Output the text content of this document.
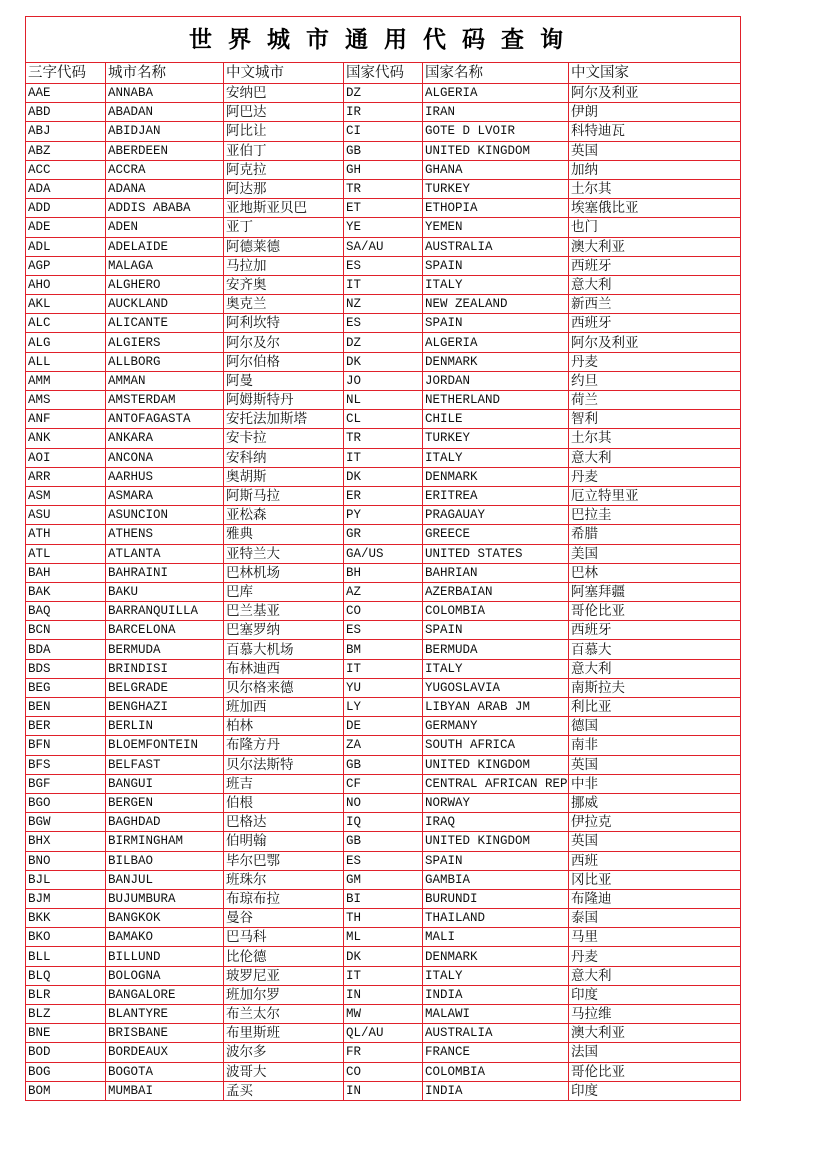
世界城市通用代码查询					
三字代码	城市名称	中文城市	国家代码	国家名称	中文国家
AAE	ANNABA	安纳巴	DZ	ALGERIA	阿尔及利亚
ABD	ABADAN	阿巴达	IR	IRAN	伊朗
ABJ	ABIDJAN	阿比让	CI	GOTE D LVOIR	科特迪瓦
ABZ	ABERDEEN	亚伯丁	GB	UNITED KINGDOM	英国
ACC	ACCRA	阿克拉	GH	GHANA	加纳
ADA	ADANA	阿达那	TR	TURKEY	土尔其
ADD	ADDIS ABABA	亚地斯亚贝巴	ET	ETHOPIA	埃塞俄比亚
ADE	ADEN	亚丁	YE	YEMEN	也门
ADL	ADELAIDE	阿德莱德	SA/AU	AUSTRALIA	澳大利亚
AGP	MALAGA	马拉加	ES	SPAIN	西班牙
AHO	ALGHERO	安齐奥	IT	ITALY	意大利
AKL	AUCKLAND	奥克兰	NZ	NEW ZEALAND	新西兰
ALC	ALICANTE	阿利坎特	ES	SPAIN	西班牙
ALG	ALGIERS	阿尔及尔	DZ	ALGERIA	阿尔及利亚
ALL	ALLBORG	阿尔伯格	DK	DENMARK	丹麦
AMM	AMMAN	阿曼	JO	JORDAN	约旦
AMS	AMSTERDAM	阿姆斯特丹	NL	NETHERLAND	荷兰
ANF	ANTOFAGASTA	安托法加斯塔	CL	CHILE	智利
ANK	ANKARA	安卡拉	TR	TURKEY	土尔其
AOI	ANCONA	安科纳	IT	ITALY	意大利
ARR	AARHUS	奥胡斯	DK	DENMARK	丹麦
ASM	ASMARA	阿斯马拉	ER	ERITREA	厄立特里亚
ASU	ASUNCION	亚松森	PY	PRAGAUAY	巴拉圭
ATH	ATHENS	雅典	GR	GREECE	希腊
ATL	ATLANTA	亚特兰大	GA/US	UNITED STATES	美国
BAH	BAHRAINI	巴林机场	BH	BAHRIAN	巴林
BAK	BAKU	巴库	AZ	AZERBAIAN	阿塞拜疆
BAQ	BARRANQUILLA	巴兰基亚	CO	COLOMBIA	哥伦比亚
BCN	BARCELONA	巴塞罗纳	ES	SPAIN	西班牙
BDA	BERMUDA	百慕大机场	BM	BERMUDA	百慕大
BDS	BRINDISI	布林迪西	IT	ITALY	意大利
BEG	BELGRADE	贝尔格来德	YU	YUGOSLAVIA	南斯拉夫
BEN	BENGHAZI	班加西	LY	LIBYAN ARAB JM	利比亚
BER	BERLIN	柏林	DE	GERMANY	德国
BFN	BLOEMFONTEIN	布隆方丹	ZA	SOUTH AFRICA	南非
BFS	BELFAST	贝尔法斯特	GB	UNITED KINGDOM	英国
BGF	BANGUI	班吉	CF	CENTRAL AFRICAN REP	中非
BGO	BERGEN	伯根	NO	NORWAY	挪威
BGW	BAGHDAD	巴格达	IQ	IRAQ	伊拉克
BHX	BIRMINGHAM	伯明翰	GB	UNITED KINGDOM	英国
BNO	BILBAO	毕尔巴鄂	ES	SPAIN	西班
BJL	BANJUL	班珠尔	GM	GAMBIA	冈比亚
BJM	BUJUMBURA	布琼布拉	BI	BURUNDI	布隆迪
BKK	BANGKOK	曼谷	TH	THAILAND	泰国
BKO	BAMAKO	巴马科	ML	MALI	马里
BLL	BILLUND	比伦德	DK	DENMARK	丹麦
BLQ	BOLOGNA	玻罗尼亚	IT	ITALY	意大利
BLR	BANGALORE	班加尔罗	IN	INDIA	印度
BLZ	BLANTYRE	布兰太尔	MW	MALAWI	马拉维
BNE	BRISBANE	布里斯班	QL/AU	AUSTRALIA	澳大利亚
BOD	BORDEAUX	波尔多	FR	FRANCE	法国
BOG	BOGOTA	波哥大	CO	COLOMBIA	哥伦比亚
BOM	MUMBAI	孟买	IN	INDIA	印度
